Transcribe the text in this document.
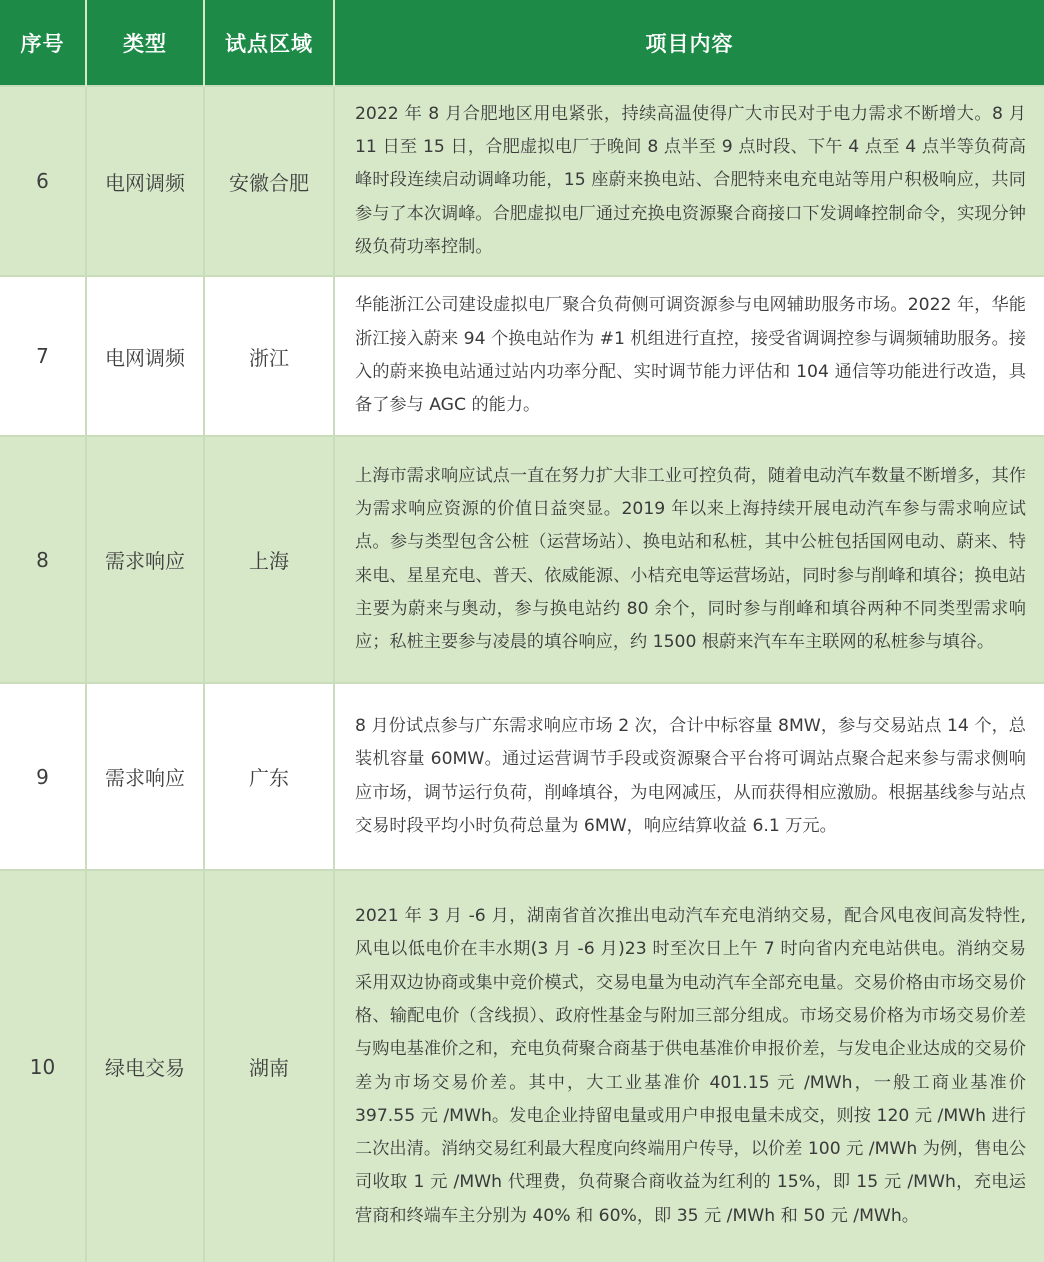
序号	类型	试点区域	项目内容
6	电网调频	安徽合肥	2022 年 8 月合肥地区用电紧张，持续高温使得广大市民对于电力需求不断增大。8 月 11 日至 15 日，合肥虚拟电厂于晚间 8 点半至 9 点时段、下午 4 点至 4 点半等负荷高峰时段连续启动调峰功能，15 座蔚来换电站、合肥特来电充电站等用户积极响应，共同参与了本次调峰。合肥虚拟电厂通过充换电资源聚合商接口下发调峰控制命令，实现分钟级负荷功率控制。
7	电网调频	浙江	华能浙江公司建设虚拟电厂聚合负荷侧可调资源参与电网辅助服务市场。2022 年，华能浙江接入蔚来 94 个换电站作为 #1 机组进行直控，接受省调调控参与调频辅助服务。接入的蔚来换电站通过站内功率分配、实时调节能力评估和 104 通信等功能进行改造，具备了参与 AGC 的能力。
8	需求响应	上海	上海市需求响应试点一直在努力扩大非工业可控负荷，随着电动汽车数量不断增多，其作为需求响应资源的价值日益突显。2019 年以来上海持续开展电动汽车参与需求响应试点。参与类型包含公桩（运营场站）、换电站和私桩，其中公桩包括国网电动、蔚来、特来电、星星充电、普天、依威能源、小桔充电等运营场站，同时参与削峰和填谷；换电站主要为蔚来与奥动，参与换电站约 80 余个，同时参与削峰和填谷两种不同类型需求响应；私桩主要参与凌晨的填谷响应，约 1500 根蔚来汽车车主联网的私桩参与填谷。
9	需求响应	广东	8 月份试点参与广东需求响应市场 2 次，合计中标容量 8MW，参与交易站点 14 个，总装机容量 60MW。通过运营调节手段或资源聚合平台将可调站点聚合起来参与需求侧响应市场，调节运行负荷，削峰填谷，为电网减压，从而获得相应激励。根据基线参与站点交易时段平均小时负荷总量为 6MW，响应结算收益 6.1 万元。
10	绿电交易	湖南	2021 年 3 月 -6 月，湖南省首次推出电动汽车充电消纳交易，配合风电夜间高发特性,风电以低电价在丰水期(3 月 -6 月)23 时至次日上午 7 时向省内充电站供电。消纳交易采用双边协商或集中竞价模式，交易电量为电动汽车全部充电量。交易价格由市场交易价格、输配电价（含线损）、政府性基金与附加三部分组成。市场交易价格为市场交易价差与购电基准价之和，充电负荷聚合商基于供电基准价申报价差，与发电企业达成的交易价差为市场交易价差。其中，大工业基准价 401.15 元 /MWh，一般工商业基准价 397.55 元 /MWh。发电企业持留电量或用户申报电量未成交，则按 120 元 /MWh 进行二次出清。消纳交易红利最大程度向终端用户传导，以价差 100 元 /MWh 为例，售电公司收取 1 元 /MWh 代理费，负荷聚合商收益为红利的 15%，即 15 元 /MWh，充电运营商和终端车主分别为 40% 和 60%，即 35 元 /MWh 和 50 元 /MWh。
